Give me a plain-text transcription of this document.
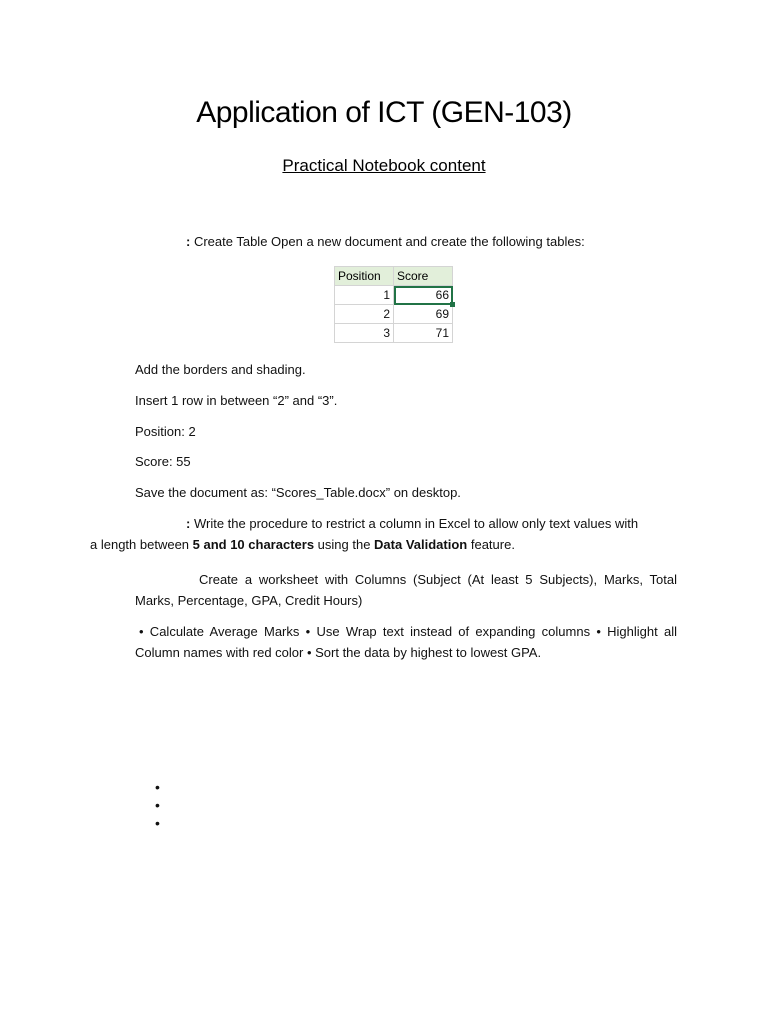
Application of ICT (GEN-103)
Practical Notebook content
: Create Table Open a new document and create the following tables:
Position	Score
1	66
2	69
3	71
Add the borders and shading.
Insert 1 row in between “2” and “3”.
Position: 2
Score: 55
Save the document as: “Scores_Table.docx” on desktop.
: Write the procedure to restrict a column in Excel to allow only text values with
a length between 5 and 10 characters using the Data Validation feature.
Create a worksheet with Columns (Subject (At least 5 Subjects), Marks, Total
Marks, Percentage, GPA, Credit Hours)
• Calculate Average Marks • Use Wrap text instead of expanding columns • Highlight all
Column names with red color • Sort the data by highest to lowest GPA.
•
•
•
